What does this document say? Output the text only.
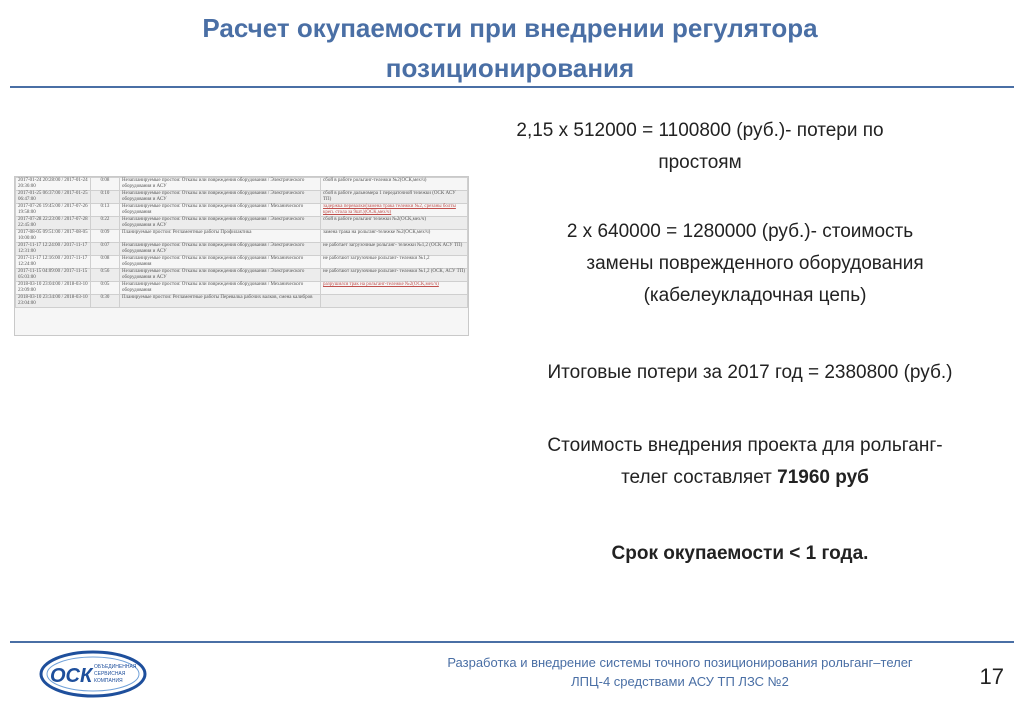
Расчет окупаемости при внедрении регулятора позиционирования
2017-01-24 20:28:00 / 2017-01-24 20:36:00	0:08	Незапланируемые простои: Отказы или повреждения оборудования / Электрического оборудования и АСУ	сбой в работе рольганг-тележки №2(ОСК,мех/ч)
2017-01-25 06:37:00 / 2017-01-25 06:47:00	0:10	Незапланируемые простои: Отказы или повреждения оборудования / Электрического оборудования и АСУ	сбой в работе дальномера 1 передаточной тележки (ОСК АСУ ТП)
2017-07-26 19:45:00 / 2017-07-26 19:58:00	0:13	Незапланируемые простои: Отказы или повреждения оборудования / Механического оборудования	задержка перевалки(замена трака тележки №2, срезаны болты креп. стола за 9шт.)(ОСК,мех/ч)
2017-07-28 22:23:00 / 2017-07-28 22:45:00	0:22	Незапланируемые простои: Отказы или повреждения оборудования / Электрического оборудования и АСУ	сбой в работе рольганг тележки №2(ОСК,мех/ч)
2017-08-05 09:51:00 / 2017-08-05 10:00:00	0:09	Планируемые простои: Регламентные работы Профилактика	замена трака на рольганг-тележке №2(ОСК,мех/ч)
2017-11-17 12:24:00 / 2017-11-17 12:31:00	0:07	Незапланируемые простои: Отказы или повреждения оборудования / Электрического оборудования и АСУ	не работает загрузочные рольганг- тележки №1,2 (ОСК АСУ ТП)
2017-11-17 12:16:00 / 2017-11-17 12:24:00	0:08	Незапланируемые простои: Отказы или повреждения оборудования / Механического оборудования	не работают загрузочные рольганг- тележки №1,2
2017-11-15 04:09:00 / 2017-11-15 05:03:00	0:56	Незапланируемые простои: Отказы или повреждения оборудования / Электрического оборудования и АСУ	не работают загрузочные рольганг- тележки №1,2 (ОСК, АСУ ТП)
2018-03-10 23:04:00 / 2018-03-10 23:09:00	0:05	Незапланируемые простои: Отказы или повреждения оборудования / Механического оборудования	разрушился трак на рольганг-тележке №2(ОСК,мех/ч)
2018-03-10 23:34:00 / 2018-03-10 23:04:00	0:30	Планируемые простои: Регламентные работы Перевалка рабочих валков, смена калибров	
2,15 х 512000 = 1100800 (руб.)- потери по
простоям
2 х 640000 = 1280000 (руб.)- стоимость

замены поврежденного оборудования
(кабелеукладочная цепь)
Итоговые потери за 2017 год = 2380800 (руб.)
Стоимость внедрения проекта для рольганг-
телег составляет 71960 руб
Срок окупаемости < 1 года.
ОСК ОБЪЕДИНЕННАЯ
СЕРВИСНАЯ
КОМПАНИЯ
Разработка и внедрение системы точного позиционирования рольганг–телег
ЛПЦ-4 средствами АСУ ТП ЛЗС №2	17
